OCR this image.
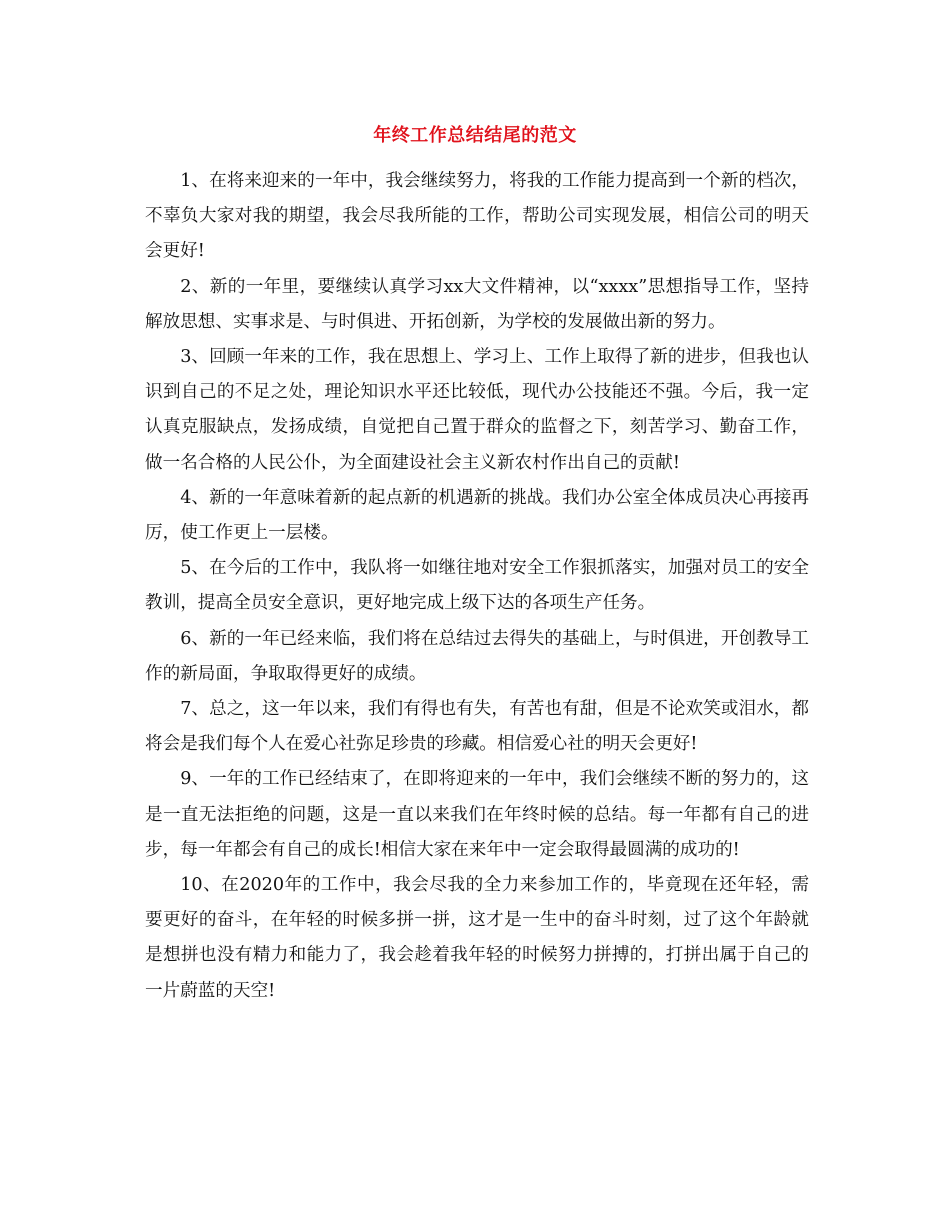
年终工作总结结尾的范文

1、在将来迎来的一年中，我会继续努力，将我的工作能力提高到一个新的档次，不辜负大家对我的期望，我会尽我所能的工作，帮助公司实现发展，相信公司的明天会更好!

2、新的一年里，要继续认真学习xx大文件精神，以“xxxx”思想指导工作，坚持解放思想、实事求是、与时俱进、开拓创新，为学校的发展做出新的努力。

3、回顾一年来的工作，我在思想上、学习上、工作上取得了新的进步，但我也认识到自己的不足之处，理论知识水平还比较低，现代办公技能还不强。今后，我一定认真克服缺点，发扬成绩，自觉把自己置于群众的监督之下，刻苦学习、勤奋工作，做一名合格的人民公仆，为全面建设社会主义新农村作出自己的贡献!

4、新的一年意味着新的起点新的机遇新的挑战。我们办公室全体成员决心再接再厉，使工作更上一层楼。

5、在今后的工作中，我队将一如继往地对安全工作狠抓落实，加强对员工的安全教训，提高全员安全意识，更好地完成上级下达的各项生产任务。

6、新的一年已经来临，我们将在总结过去得失的基础上，与时俱进，开创教导工作的新局面，争取取得更好的成绩。

7、总之，这一年以来，我们有得也有失，有苦也有甜，但是不论欢笑或泪水，都将会是我们每个人在爱心社弥足珍贵的珍藏。相信爱心社的明天会更好!

9、一年的工作已经结束了，在即将迎来的一年中，我们会继续不断的努力的，这是一直无法拒绝的问题，这是一直以来我们在年终时候的总结。每一年都有自己的进步，每一年都会有自己的成长!相信大家在来年中一定会取得最圆满的成功的!

10、在2020年的工作中，我会尽我的全力来参加工作的，毕竟现在还年轻，需要更好的奋斗，在年轻的时候多拼一拼，这才是一生中的奋斗时刻，过了这个年龄就是想拼也没有精力和能力了，我会趁着我年轻的时候努力拼搏的，打拼出属于自己的一片蔚蓝的天空!
